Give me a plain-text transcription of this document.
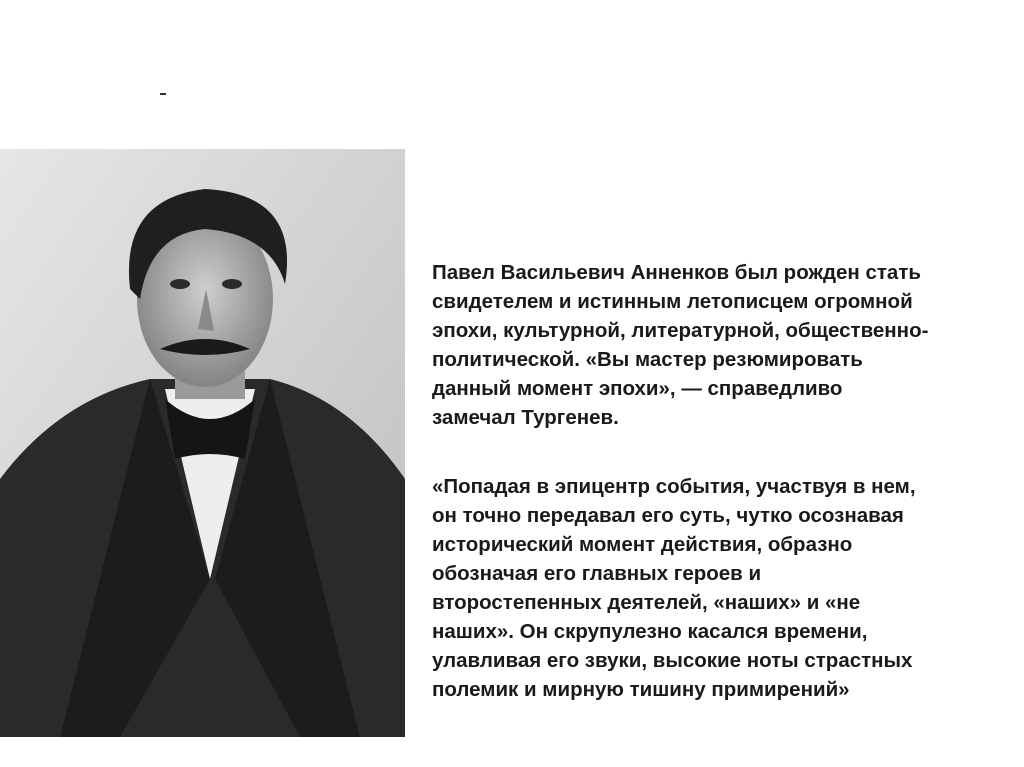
Павел Васильевич Анненков был рожден стать
свидетелем и истинным летописцем огромной
эпохи, культурной, литературной, общественно-
политической. «Вы мастер резюмировать
данный момент эпохи», — справедливо
замечал Тургенев.

«Попадая в эпицентр события, участвуя в нем,
он точно передавал его суть, чутко осознавая
исторический момент действия, образно
обозначая его главных героев и
второстепенных деятелей, «наших» и «не
наших». Он скрупулезно касался времени,
улавливая его звуки, высокие ноты страстных
полемик и мирную тишину примирений»
